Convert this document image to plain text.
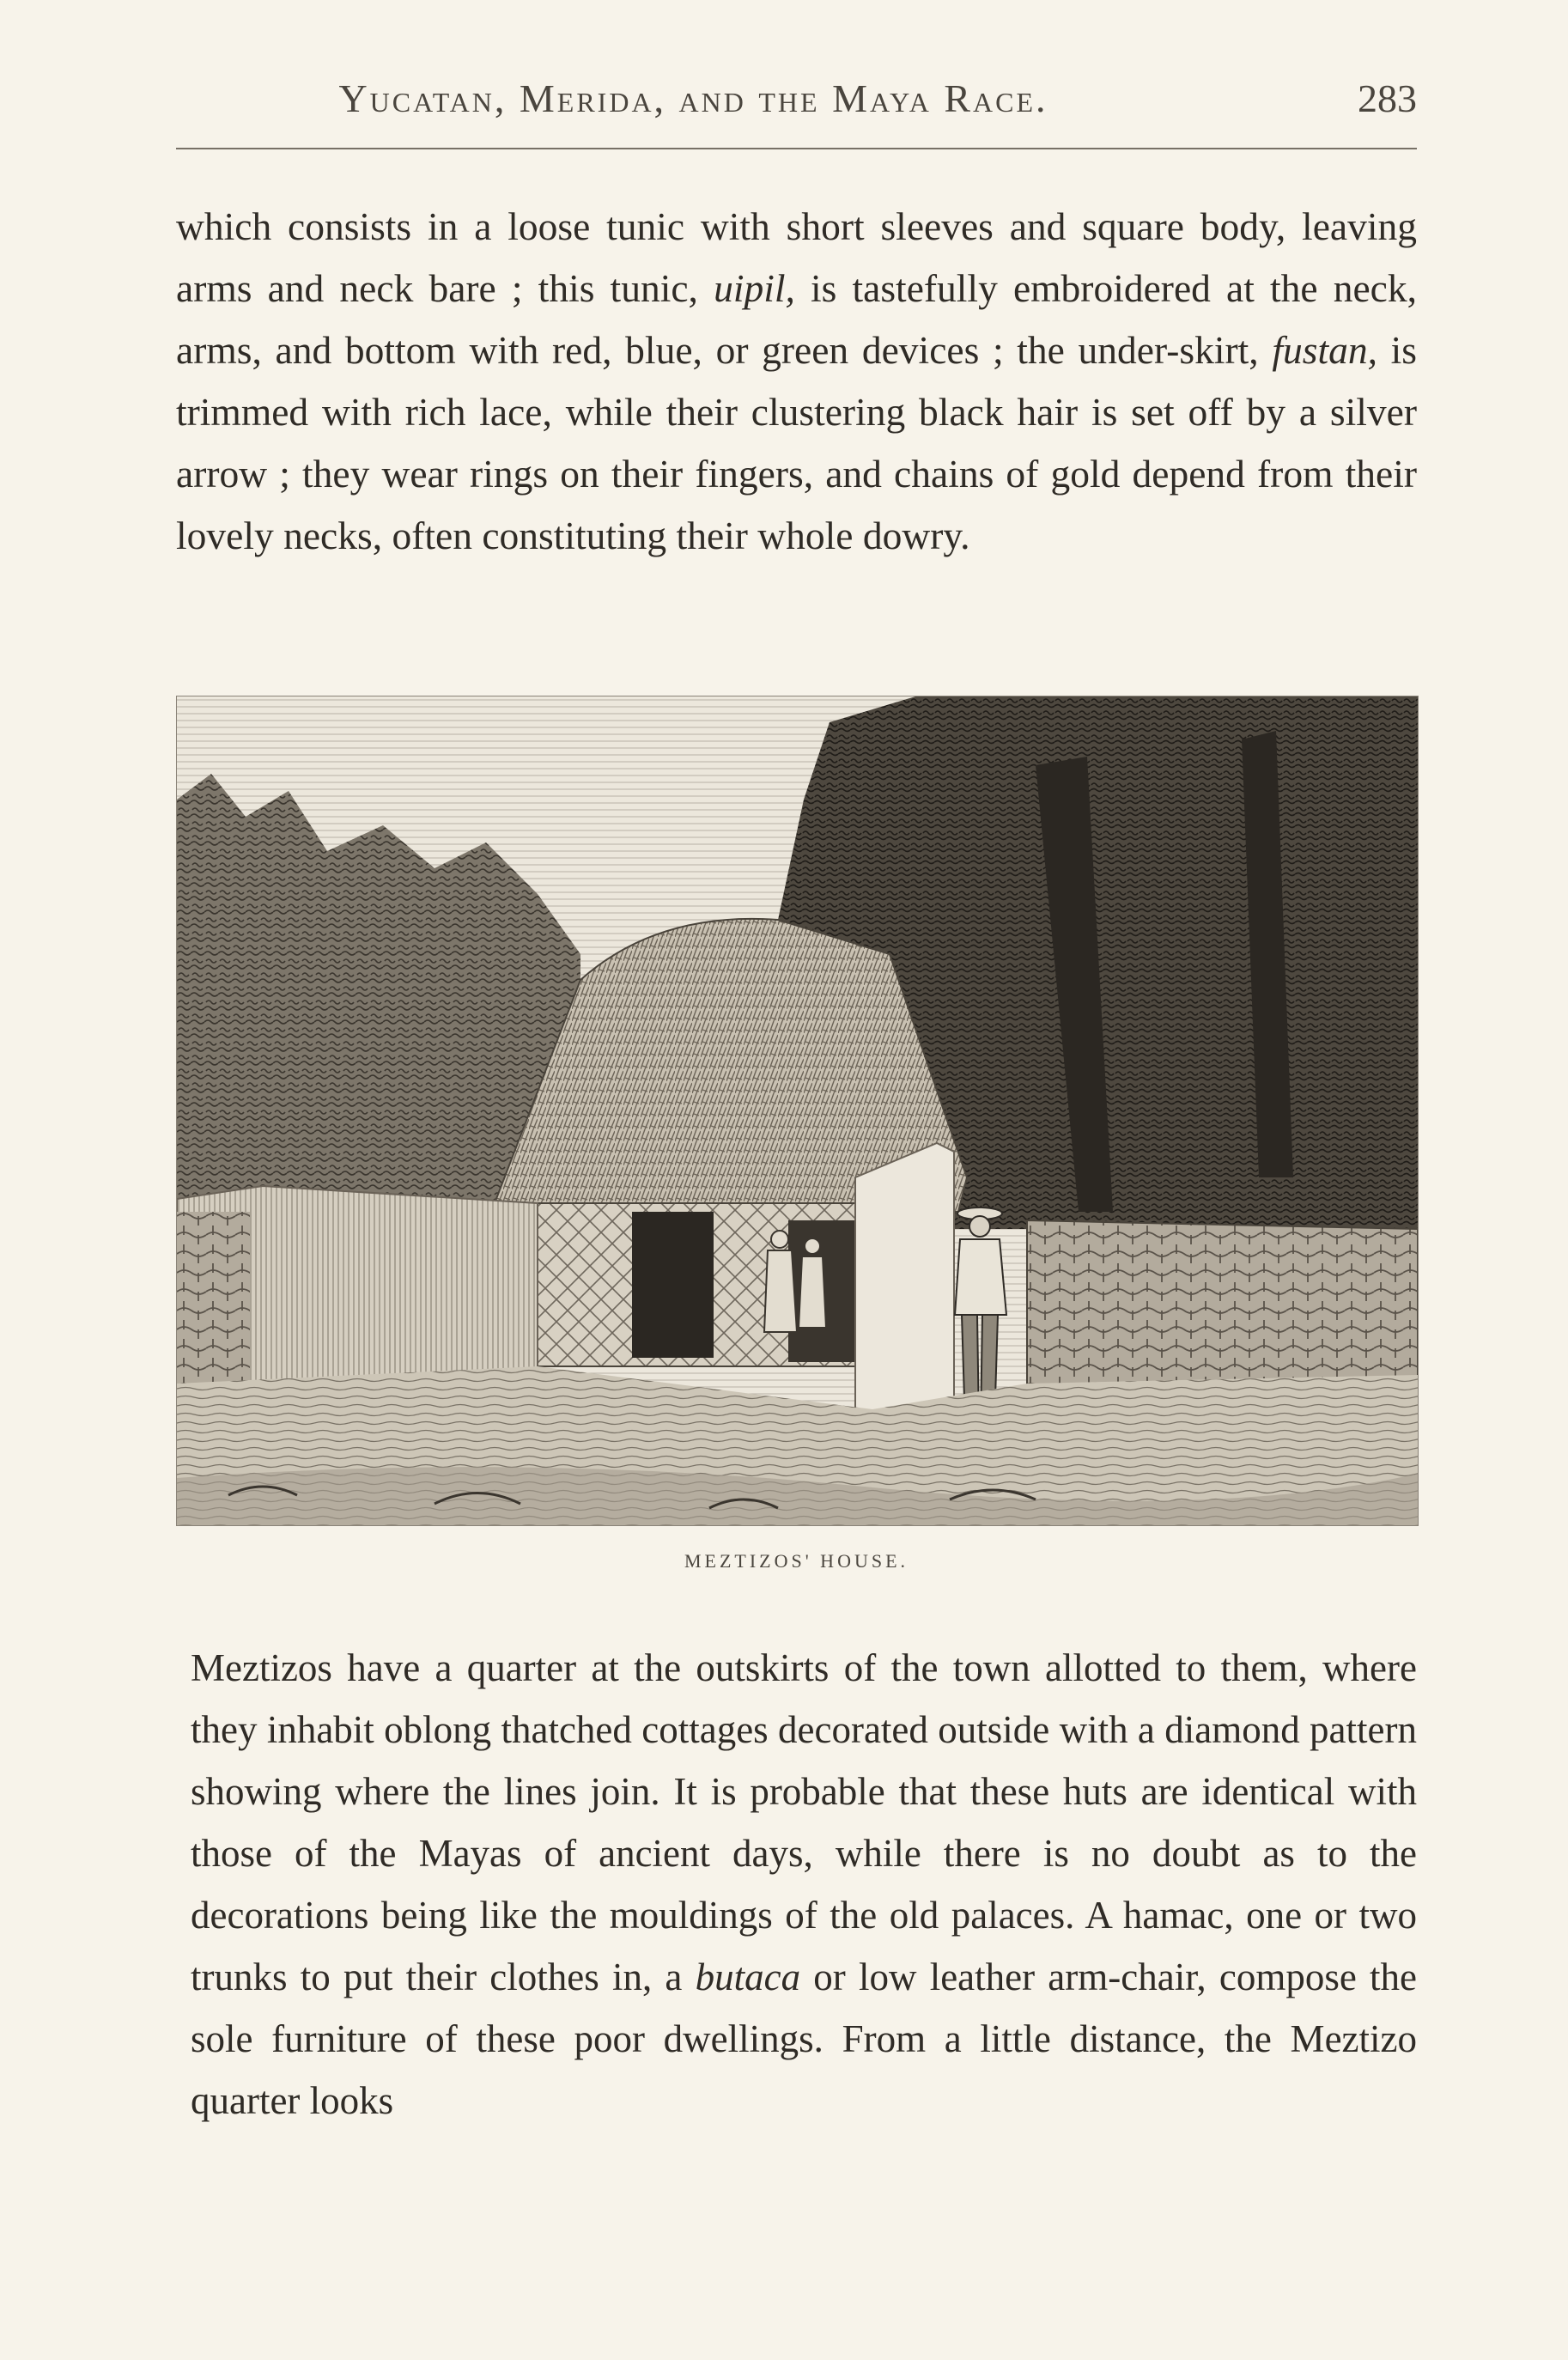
Yucatan, Merida, and the Maya Race.	283

which consists in a loose tunic with short sleeves and square body, leaving arms and neck bare ; this tunic, uipil, is tastefully embroidered at the neck, arms, and bottom with red, blue, or green devices ; the under-skirt, fustan, is trimmed with rich lace, while their clustering black hair is set off by a silver arrow ; they wear rings on their fingers, and chains of gold depend from their lovely necks, often constituting their whole dowry.

MEZTIZOS' HOUSE.

Meztizos have a quarter at the outskirts of the town allotted to them, where they inhabit oblong thatched cottages decorated outside with a diamond pattern showing where the lines join. It is probable that these huts are identical with those of the Mayas of ancient days, while there is no doubt as to the decorations being like the mouldings of the old palaces. A hamac, one or two trunks to put their clothes in, a butaca or low leather arm-chair, compose the sole furniture of these poor dwellings. From a little distance, the Meztizo quarter looks
